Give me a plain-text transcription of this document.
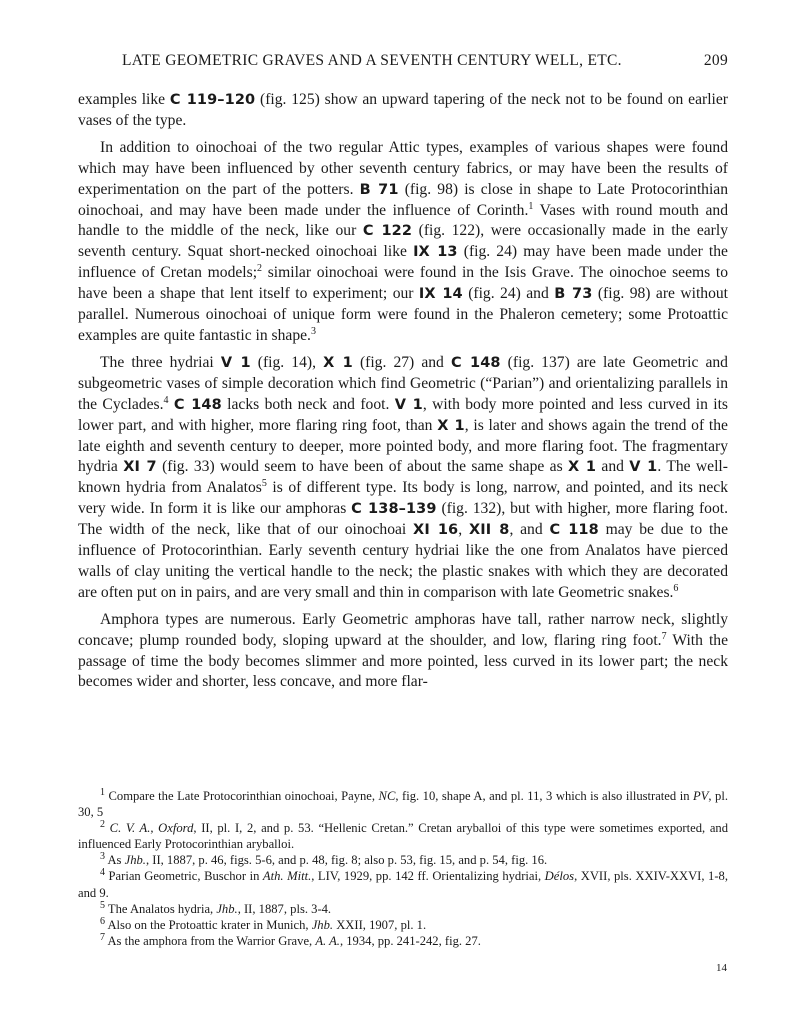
LATE GEOMETRIC GRAVES AND A SEVENTH CENTURY WELL, ETC.	209

examples like C 119–120 (fig. 125) show an upward tapering of the neck not to be found on earlier vases of the type.

In addition to oinochoai of the two regular Attic types, examples of various shapes were found which may have been influenced by other seventh century fabrics, or may have been the results of experimentation on the part of the potters. B 71 (fig. 98) is close in shape to Late Protocorinthian oinochoai, and may have been made under the influence of Corinth.$^1$ Vases with round mouth and handle to the middle of the neck, like our C 122 (fig. 122), were occasionally made in the early seventh century. Squat short-necked oinochoai like IX 13 (fig. 24) may have been made under the influence of Cretan models;$^2$ similar oinochoai were found in the Isis Grave. The oinochoe seems to have been a shape that lent itself to experiment; our IX 14 (fig. 24) and B 73 (fig. 98) are without parallel. Numerous oinochoai of unique form were found in the Phaleron cemetery; some Protoattic examples are quite fantastic in shape.$^3$

The three hydriai V 1 (fig. 14), X 1 (fig. 27) and C 148 (fig. 137) are late Geometric and subgeometric vases of simple decoration which find Geometric (“Parian”) and orientalizing parallels in the Cyclades.$^4$ C 148 lacks both neck and foot. V 1, with body more pointed and less curved in its lower part, and with higher, more flaring ring foot, than X 1, is later and shows again the trend of the late eighth and seventh century to deeper, more pointed body, and more flaring foot. The fragmentary hydria XI 7 (fig. 33) would seem to have been of about the same shape as X 1 and V 1. The well-known hydria from Analatos$^5$ is of different type. Its body is long, narrow, and pointed, and its neck very wide. In form it is like our amphoras C 138–139 (fig. 132), but with higher, more flaring foot. The width of the neck, like that of our oinochoai XI 16, XII 8, and C 118 may be due to the influence of Protocorinthian. Early seventh century hydriai like the one from Analatos have pierced walls of clay uniting the vertical handle to the neck; the plastic snakes with which they are decorated are often put on in pairs, and are very small and thin in comparison with late Geometric snakes.$^6$

Amphora types are numerous. Early Geometric amphoras have tall, rather narrow neck, slightly concave; plump rounded body, sloping upward at the shoulder, and low, flaring ring foot.$^7$ With the passage of time the body becomes slimmer and more pointed, less curved in its lower part; the neck becomes wider and shorter, less concave, and more flar-

$^1$ Compare the Late Protocorinthian oinochoai, Payne, NC, fig. 10, shape A, and pl. 11, 3 which is also illustrated in PV, pl. 30, 5

$^2$ C. V. A., Oxford, II, pl. I, 2, and p. 53. “Hellenic Cretan.” Cretan aryballoi of this type were sometimes exported, and influenced Early Protocorinthian aryballoi.

$^3$ As Jhb., II, 1887, p. 46, figs. 5-6, and p. 48, fig. 8; also p. 53, fig. 15, and p. 54, fig. 16.

$^4$ Parian Geometric, Buschor in Ath. Mitt., LIV, 1929, pp. 142 ff. Orientalizing hydriai, Délos, XVII, pls. XXIV-XXVI, 1-8, and 9.

$^5$ The Analatos hydria, Jhb., II, 1887, pls. 3-4.

$^6$ Also on the Protoattic krater in Munich, Jhb. XXII, 1907, pl. 1.

$^7$ As the amphora from the Warrior Grave, A. A., 1934, pp. 241-242, fig. 27.

14
